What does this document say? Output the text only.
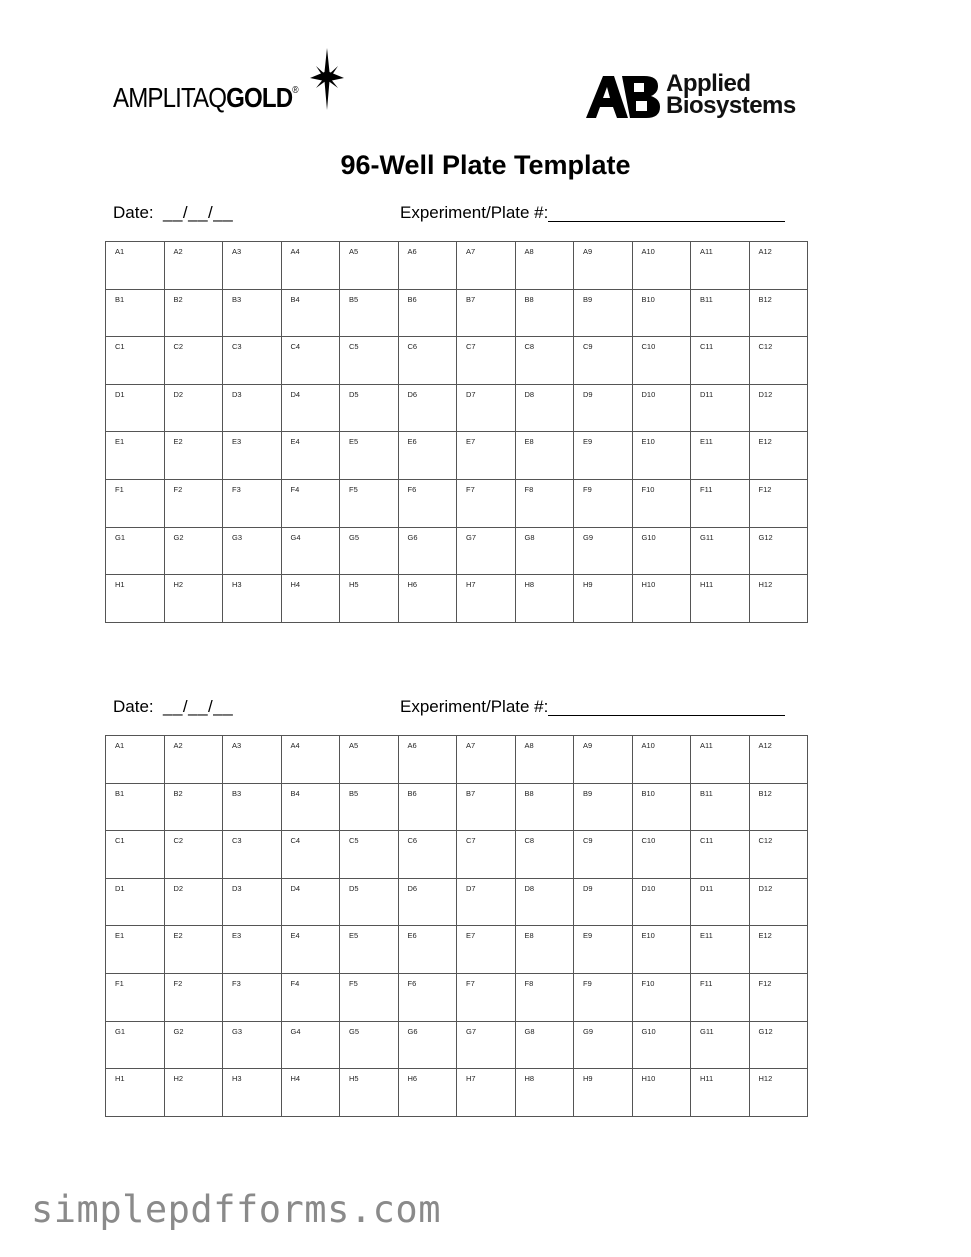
AMPLITAQGOLD®	Applied
Biosystems
96-Well Plate Template
Date: __/__/__	Experiment/Plate #:
A1	A2	A3	A4	A5	A6	A7	A8	A9	A10	A11	A12

B1	B2	B3	B4	B5	B6	B7	B8	B9	B10	B11	B12

C1	C2	C3	C4	C5	C6	C7	C8	C9	C10	C11	C12

D1	D2	D3	D4	D5	D6	D7	D8	D9	D10	D11	D12

E1	E2	E3	E4	E5	E6	E7	E8	E9	E10	E11	E12

F1	F2	F3	F4	F5	F6	F7	F8	F9	F10	F11	F12

G1	G2	G3	G4	G5	G6	G7	G8	G9	G10	G11	G12

H1	H2	H3	H4	H5	H6	H7	H8	H9	H10	H11	H12
Date: __/__/__	Experiment/Plate #:
A1	A2	A3	A4	A5	A6	A7	A8	A9	A10	A11	A12

B1	B2	B3	B4	B5	B6	B7	B8	B9	B10	B11	B12

C1	C2	C3	C4	C5	C6	C7	C8	C9	C10	C11	C12

D1	D2	D3	D4	D5	D6	D7	D8	D9	D10	D11	D12

E1	E2	E3	E4	E5	E6	E7	E8	E9	E10	E11	E12

F1	F2	F3	F4	F5	F6	F7	F8	F9	F10	F11	F12

G1	G2	G3	G4	G5	G6	G7	G8	G9	G10	G11	G12

H1	H2	H3	H4	H5	H6	H7	H8	H9	H10	H11	H12
simplepdfforms.com
